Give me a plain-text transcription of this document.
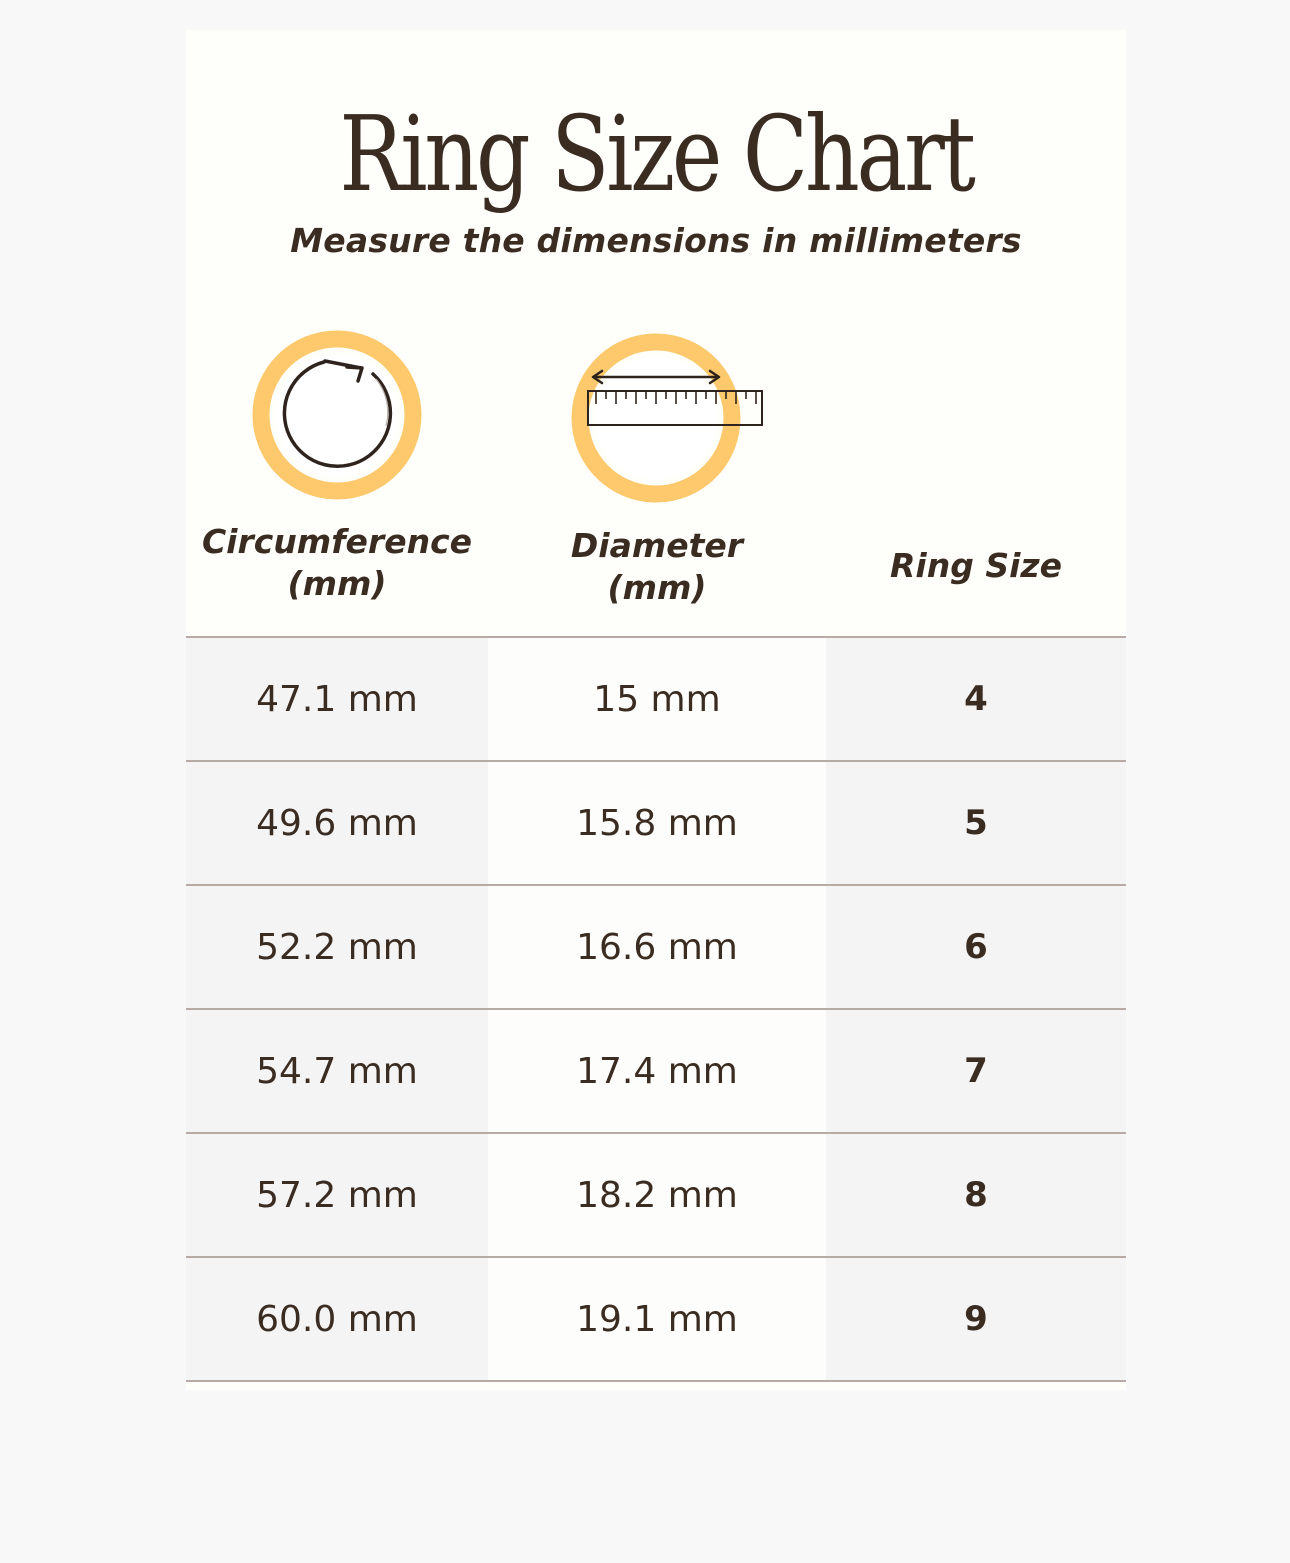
Ring Size Chart

Measure the dimensions in millimeters

Circumference
(mm)
Diameter
(mm)
Ring Size
47.1 mm	15 mm	4
49.6 mm	15.8 mm	5
52.2 mm	16.6 mm	6
54.7 mm	17.4 mm	7
57.2 mm	18.2 mm	8
60.0 mm	19.1 mm	9
